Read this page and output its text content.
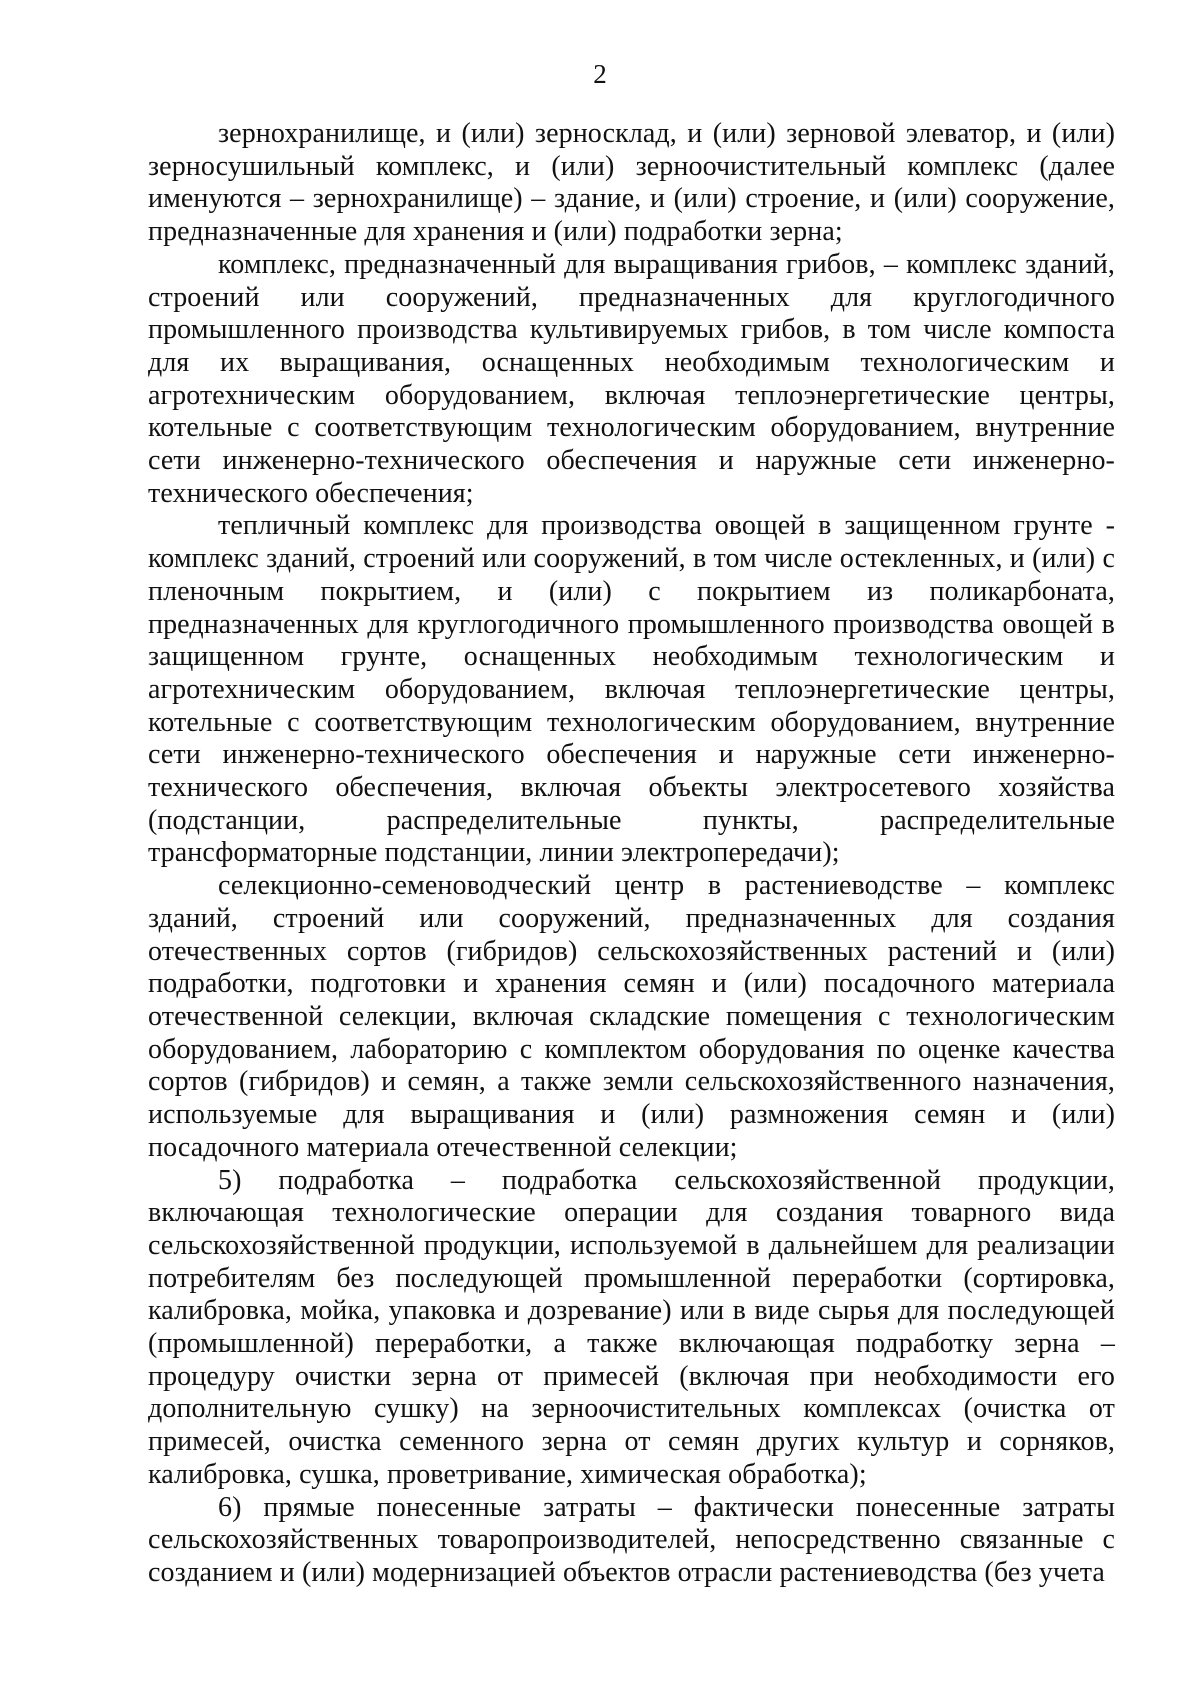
2

зернохранилище, и (или) зерносклад, и (или) зерновой элеватор, и (или) зерносушильный комплекс, и (или) зерноочистительный комплекс (далее именуются – зернохранилище) – здание, и (или) строение, и (или) сооружение, предназначенные для хранения и (или) подработки зерна;

комплекс, предназначенный для выращивания грибов, – комплекс зданий, строений или сооружений, предназначенных для круглогодичного промышленного производства культивируемых грибов, в том числе компоста для их выращивания, оснащенных необходимым технологическим и агротехническим оборудованием, включая теплоэнергетические центры, котельные с соответствующим технологическим оборудованием, внутренние сети инженерно-технического обеспечения и наружные сети инженерно-технического обеспечения;

тепличный комплекс для производства овощей в защищенном грунте - комплекс зданий, строений или сооружений, в том числе остекленных, и (или) с пленочным покрытием, и (или) с покрытием из поликарбоната, предназначенных для круглогодичного промышленного производства овощей в защищенном грунте, оснащенных необходимым технологическим и агротехническим оборудованием, включая теплоэнергетические центры, котельные с соответствующим технологическим оборудованием, внутренние сети инженерно-технического обеспечения и наружные сети инженерно-технического обеспечения, включая объекты электросетевого хозяйства (подстанции, распределительные пункты, распределительные трансформаторные подстанции, линии электропередачи);

селекционно-семеноводческий центр в растениеводстве – комплекс зданий, строений или сооружений, предназначенных для создания отечественных сортов (гибридов) сельскохозяйственных растений и (или) подработки, подготовки и хранения семян и (или) посадочного материала отечественной селекции, включая складские помещения с технологическим оборудованием, лабораторию с комплектом оборудования по оценке качества сортов (гибридов) и семян, а также земли сельскохозяйственного назначения, используемые для выращивания и (или) размножения семян и (или) посадочного материала отечественной селекции;

5) подработка – подработка сельскохозяйственной продукции, включающая технологические операции для создания товарного вида сельскохозяйственной продукции, используемой в дальнейшем для реализации потребителям без последующей промышленной переработки (сортировка, калибровка, мойка, упаковка и дозревание) или в виде сырья для последующей (промышленной) переработки, а также включающая подработку зерна – процедуру очистки зерна от примесей (включая при необходимости его дополнительную сушку) на зерноочистительных комплексах (очистка от примесей, очистка семенного зерна от семян других культур и сорняков, калибровка, сушка, проветривание, химическая обработка);

6) прямые понесенные затраты – фактически понесенные затраты сельскохозяйственных товаропроизводителей, непосредственно связанные с созданием и (или) модернизацией объектов отрасли растениеводства (без учета
